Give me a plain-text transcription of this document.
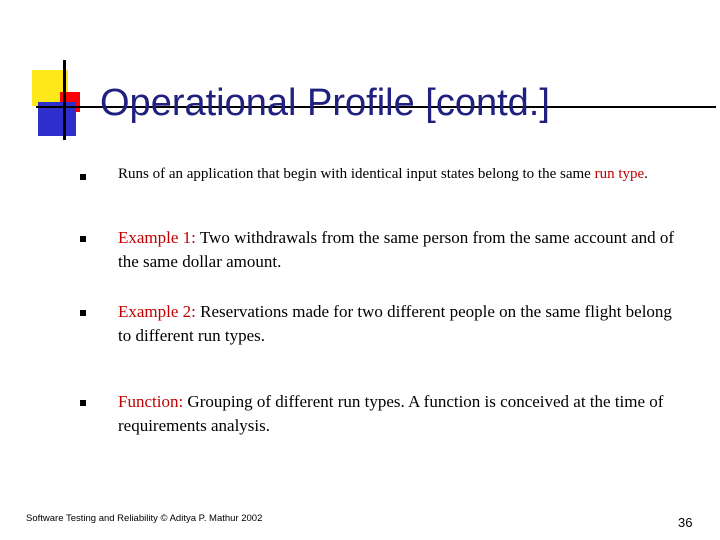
Operational Profile [contd.]
Runs of an application that begin with identical input states belong to the same run type.
Example 1: Two withdrawals from the same person from the same account and of the same dollar amount.
Example 2: Reservations made for two different people on the same flight belong to different run types.
Function: Grouping of different run types. A function is conceived at the time of requirements analysis.
Software Testing and Reliability © Aditya P. Mathur 2002	36
